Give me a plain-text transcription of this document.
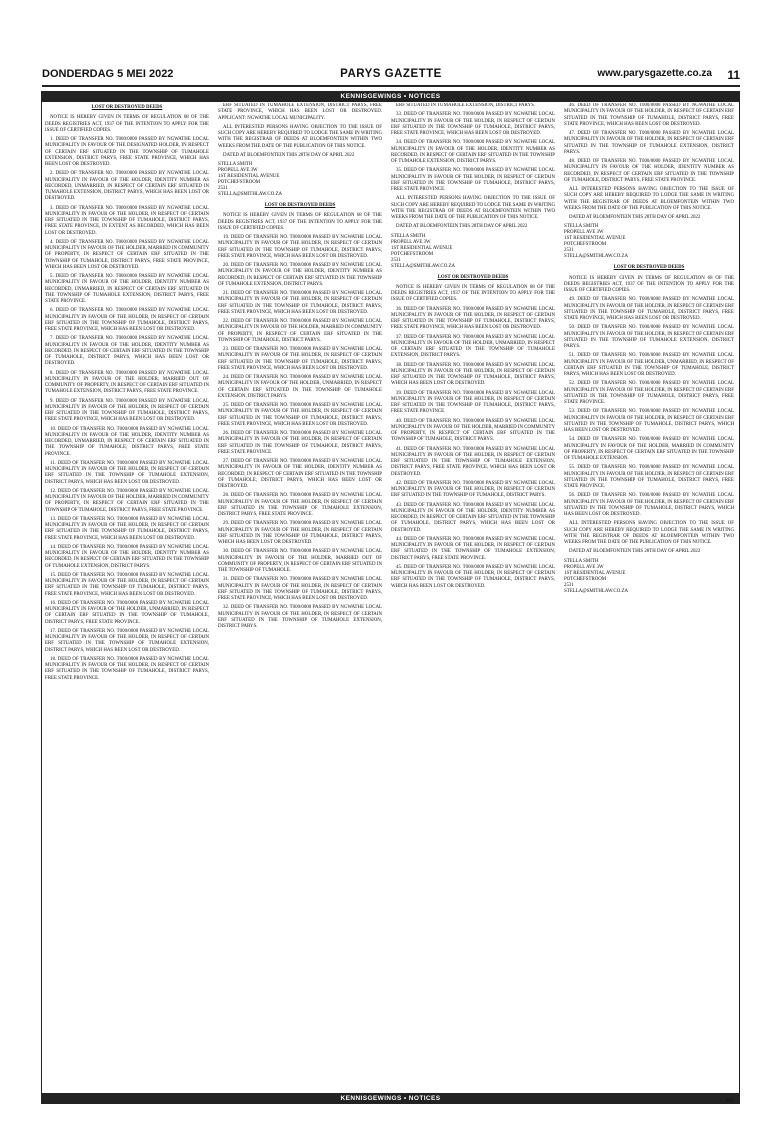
DONDERDAG 5 MEI 2022	PARYS GAZETTE	www.parysgazette.co.za 11
KENNISGEWINGS • NOTICES

LOST OR DESTROYED DEEDS

NOTICE IS HEREBY GIVEN IN TERMS OF REGULATION 68 OF THE DEEDS REGISTRIES ACT, 1937 OF THE INTENTION TO APPLY FOR THE ISSUE OF CERTIFIED COPIES.

1. DEED OF TRANSFER NO. T000/0000 PASSED BY NGWATHE LOCAL MUNICIPALITY IN FAVOUR OF THE DESIGNATED HOLDER, IN RESPECT OF CERTAIN ERF SITUATED IN THE TOWNSHIP OF TUMAHOLE EXTENSION, DISTRICT PARYS, FREE STATE PROVINCE, WHICH HAS BEEN LOST OR DESTROYED.

2. DEED OF TRANSFER NO. T000/0000 PASSED BY NGWATHE LOCAL MUNICIPALITY IN FAVOUR OF THE HOLDER, IDENTITY NUMBER AS RECORDED, UNMARRIED, IN RESPECT OF CERTAIN ERF SITUATED IN TUMAHOLE EXTENSION, DISTRICT PARYS, WHICH HAS BEEN LOST OR DESTROYED.

3. DEED OF TRANSFER NO. T000/0000 PASSED BY NGWATHE LOCAL MUNICIPALITY IN FAVOUR OF THE HOLDER, IN RESPECT OF CERTAIN ERF SITUATED IN THE TOWNSHIP OF TUMAHOLE, DISTRICT PARYS, FREE STATE PROVINCE, IN EXTENT AS RECORDED, WHICH HAS BEEN LOST OR DESTROYED.

4. DEED OF TRANSFER NO. T000/0000 PASSED BY NGWATHE LOCAL MUNICIPALITY IN FAVOUR OF THE HOLDER, MARRIED IN COMMUNITY OF PROPERTY, IN RESPECT OF CERTAIN ERF SITUATED IN THE TOWNSHIP OF TUMAHOLE, DISTRICT PARYS, FREE STATE PROVINCE, WHICH HAS BEEN LOST OR DESTROYED.

5. DEED OF TRANSFER NO. T000/0000 PASSED BY NGWATHE LOCAL MUNICIPALITY IN FAVOUR OF THE HOLDER, IDENTITY NUMBER AS RECORDED, UNMARRIED, IN RESPECT OF CERTAIN ERF SITUATED IN THE TOWNSHIP OF TUMAHOLE EXTENSION, DISTRICT PARYS, FREE STATE PROVINCE.

6. DEED OF TRANSFER NO. T000/0000 PASSED BY NGWATHE LOCAL MUNICIPALITY IN FAVOUR OF THE HOLDER, IN RESPECT OF CERTAIN ERF SITUATED IN THE TOWNSHIP OF TUMAHOLE, DISTRICT PARYS, FREE STATE PROVINCE, WHICH HAS BEEN LOST OR DESTROYED.

7. DEED OF TRANSFER NO. T000/0000 PASSED BY NGWATHE LOCAL MUNICIPALITY IN FAVOUR OF THE HOLDER, IDENTITY NUMBER AS RECORDED, IN RESPECT OF CERTAIN ERF SITUATED IN THE TOWNSHIP OF TUMAHOLE, DISTRICT PARYS, WHICH HAS BEEN LOST OR DESTROYED.

8. DEED OF TRANSFER NO. T000/0000 PASSED BY NGWATHE LOCAL MUNICIPALITY IN FAVOUR OF THE HOLDER, MARRIED OUT OF COMMUNITY OF PROPERTY, IN RESPECT OF CERTAIN ERF SITUATED IN TUMAHOLE EXTENSION, DISTRICT PARYS, FREE STATE PROVINCE.

9. DEED OF TRANSFER NO. T000/0000 PASSED BY NGWATHE LOCAL MUNICIPALITY IN FAVOUR OF THE HOLDER, IN RESPECT OF CERTAIN ERF SITUATED IN THE TOWNSHIP OF TUMAHOLE, DISTRICT PARYS, FREE STATE PROVINCE, WHICH HAS BEEN LOST OR DESTROYED.

10. DEED OF TRANSFER NO. T000/0000 PASSED BY NGWATHE LOCAL MUNICIPALITY IN FAVOUR OF THE HOLDER, IDENTITY NUMBER AS RECORDED, UNMARRIED, IN RESPECT OF CERTAIN ERF SITUATED IN THE TOWNSHIP OF TUMAHOLE, DISTRICT PARYS, FREE STATE PROVINCE.

11. DEED OF TRANSFER NO. T000/0000 PASSED BY NGWATHE LOCAL MUNICIPALITY IN FAVOUR OF THE HOLDER, IN RESPECT OF CERTAIN ERF SITUATED IN THE TOWNSHIP OF TUMAHOLE EXTENSION, DISTRICT PARYS, WHICH HAS BEEN LOST OR DESTROYED.

12. DEED OF TRANSFER NO. T000/0000 PASSED BY NGWATHE LOCAL MUNICIPALITY IN FAVOUR OF THE HOLDER, MARRIED IN COMMUNITY OF PROPERTY, IN RESPECT OF CERTAIN ERF SITUATED IN THE TOWNSHIP OF TUMAHOLE, DISTRICT PARYS, FREE STATE PROVINCE.

13. DEED OF TRANSFER NO. T000/0000 PASSED BY NGWATHE LOCAL MUNICIPALITY IN FAVOUR OF THE HOLDER, IN RESPECT OF CERTAIN ERF SITUATED IN THE TOWNSHIP OF TUMAHOLE, DISTRICT PARYS, FREE STATE PROVINCE, WHICH HAS BEEN LOST OR DESTROYED.

14. DEED OF TRANSFER NO. T000/0000 PASSED BY NGWATHE LOCAL MUNICIPALITY IN FAVOUR OF THE HOLDER, IDENTITY NUMBER AS RECORDED, IN RESPECT OF CERTAIN ERF SITUATED IN THE TOWNSHIP OF TUMAHOLE EXTENSION, DISTRICT PARYS.

15. DEED OF TRANSFER NO. T000/0000 PASSED BY NGWATHE LOCAL MUNICIPALITY IN FAVOUR OF THE HOLDER, IN RESPECT OF CERTAIN ERF SITUATED IN THE TOWNSHIP OF TUMAHOLE, DISTRICT PARYS, FREE STATE PROVINCE, WHICH HAS BEEN LOST OR DESTROYED.

16. DEED OF TRANSFER NO. T000/0000 PASSED BY NGWATHE LOCAL MUNICIPALITY IN FAVOUR OF THE HOLDER, UNMARRIED, IN RESPECT OF CERTAIN ERF SITUATED IN THE TOWNSHIP OF TUMAHOLE, DISTRICT PARYS, FREE STATE PROVINCE.

17. DEED OF TRANSFER NO. T000/0000 PASSED BY NGWATHE LOCAL MUNICIPALITY IN FAVOUR OF THE HOLDER, IN RESPECT OF CERTAIN ERF SITUATED IN THE TOWNSHIP OF TUMAHOLE EXTENSION, DISTRICT PARYS, WHICH HAS BEEN LOST OR DESTROYED.

18. DEED OF TRANSFER NO. T000/0000 PASSED BY NGWATHE LOCAL MUNICIPALITY IN FAVOUR OF THE HOLDER, IN RESPECT OF CERTAIN ERF SITUATED IN THE TOWNSHIP OF TUMAHOLE, DISTRICT PARYS, FREE STATE PROVINCE.

ERF SITUATED IN TUMAHOLE EXTENSION, DISTRICT PARYS, FREE STATE PROVINCE, WHICH HAS BEEN LOST OR DESTROYED. APPLICANT: NGWATHE LOCAL MUNICIPALITY.

ALL INTERESTED PERSONS HAVING OBJECTION TO THE ISSUE OF SUCH COPY ARE HEREBY REQUIRED TO LODGE THE SAME IN WRITING WITH THE REGISTRAR OF DEEDS AT BLOEMFONTEIN WITHIN TWO WEEKS FROM THE DATE OF THE PUBLICATION OF THIS NOTICE.

DATED AT BLOEMFONTEIN THIS 28TH DAY OF APRIL 2022

STELLA SMITH
PROPELL AVE 3W
1ST RESIDENTIAL AVENUE
POTCHEFSTROOM
2531
STELLA@SMITHLAW.CO.ZA

LOST OR DESTROYED DEEDS

NOTICE IS HEREBY GIVEN IN TERMS OF REGULATION 68 OF THE DEEDS REGISTRIES ACT, 1937 OF THE INTENTION TO APPLY FOR THE ISSUE OF CERTIFIED COPIES.

19. DEED OF TRANSFER NO. T000/0000 PASSED BY NGWATHE LOCAL MUNICIPALITY IN FAVOUR OF THE HOLDER, IN RESPECT OF CERTAIN ERF SITUATED IN THE TOWNSHIP OF TUMAHOLE, DISTRICT PARYS, FREE STATE PROVINCE, WHICH HAS BEEN LOST OR DESTROYED.

20. DEED OF TRANSFER NO. T000/0000 PASSED BY NGWATHE LOCAL MUNICIPALITY IN FAVOUR OF THE HOLDER, IDENTITY NUMBER AS RECORDED, IN RESPECT OF CERTAIN ERF SITUATED IN THE TOWNSHIP OF TUMAHOLE EXTENSION, DISTRICT PARYS.

21. DEED OF TRANSFER NO. T000/0000 PASSED BY NGWATHE LOCAL MUNICIPALITY IN FAVOUR OF THE HOLDER, IN RESPECT OF CERTAIN ERF SITUATED IN THE TOWNSHIP OF TUMAHOLE, DISTRICT PARYS, FREE STATE PROVINCE, WHICH HAS BEEN LOST OR DESTROYED.

22. DEED OF TRANSFER NO. T000/0000 PASSED BY NGWATHE LOCAL MUNICIPALITY IN FAVOUR OF THE HOLDER, MARRIED IN COMMUNITY OF PROPERTY, IN RESPECT OF CERTAIN ERF SITUATED IN THE TOWNSHIP OF TUMAHOLE, DISTRICT PARYS.

23. DEED OF TRANSFER NO. T000/0000 PASSED BY NGWATHE LOCAL MUNICIPALITY IN FAVOUR OF THE HOLDER, IN RESPECT OF CERTAIN ERF SITUATED IN THE TOWNSHIP OF TUMAHOLE, DISTRICT PARYS, FREE STATE PROVINCE, WHICH HAS BEEN LOST OR DESTROYED.

24. DEED OF TRANSFER NO. T000/0000 PASSED BY NGWATHE LOCAL MUNICIPALITY IN FAVOUR OF THE HOLDER, UNMARRIED, IN RESPECT OF CERTAIN ERF SITUATED IN THE TOWNSHIP OF TUMAHOLE EXTENSION, DISTRICT PARYS.

25. DEED OF TRANSFER NO. T000/0000 PASSED BY NGWATHE LOCAL MUNICIPALITY IN FAVOUR OF THE HOLDER, IN RESPECT OF CERTAIN ERF SITUATED IN THE TOWNSHIP OF TUMAHOLE, DISTRICT PARYS, FREE STATE PROVINCE, WHICH HAS BEEN LOST OR DESTROYED.

26. DEED OF TRANSFER NO. T000/0000 PASSED BY NGWATHE LOCAL MUNICIPALITY IN FAVOUR OF THE HOLDER, IN RESPECT OF CERTAIN ERF SITUATED IN THE TOWNSHIP OF TUMAHOLE, DISTRICT PARYS, FREE STATE PROVINCE.

27. DEED OF TRANSFER NO. T000/0000 PASSED BY NGWATHE LOCAL MUNICIPALITY IN FAVOUR OF THE HOLDER, IDENTITY NUMBER AS RECORDED, IN RESPECT OF CERTAIN ERF SITUATED IN THE TOWNSHIP OF TUMAHOLE, DISTRICT PARYS, WHICH HAS BEEN LOST OR DESTROYED.

28. DEED OF TRANSFER NO. T000/0000 PASSED BY NGWATHE LOCAL MUNICIPALITY IN FAVOUR OF THE HOLDER, IN RESPECT OF CERTAIN ERF SITUATED IN THE TOWNSHIP OF TUMAHOLE EXTENSION, DISTRICT PARYS, FREE STATE PROVINCE.

29. DEED OF TRANSFER NO. T000/0000 PASSED BY NGWATHE LOCAL MUNICIPALITY IN FAVOUR OF THE HOLDER, IN RESPECT OF CERTAIN ERF SITUATED IN THE TOWNSHIP OF TUMAHOLE, DISTRICT PARYS, WHICH HAS BEEN LOST OR DESTROYED.

30. DEED OF TRANSFER NO. T000/0000 PASSED BY NGWATHE LOCAL MUNICIPALITY IN FAVOUR OF THE HOLDER, MARRIED OUT OF COMMUNITY OF PROPERTY, IN RESPECT OF CERTAIN ERF SITUATED IN THE TOWNSHIP OF TUMAHOLE.

31. DEED OF TRANSFER NO. T000/0000 PASSED BY NGWATHE LOCAL MUNICIPALITY IN FAVOUR OF THE HOLDER, IN RESPECT OF CERTAIN ERF SITUATED IN THE TOWNSHIP OF TUMAHOLE, DISTRICT PARYS, FREE STATE PROVINCE, WHICH HAS BEEN LOST OR DESTROYED.

32. DEED OF TRANSFER NO. T000/0000 PASSED BY NGWATHE LOCAL MUNICIPALITY IN FAVOUR OF THE HOLDER, IN RESPECT OF CERTAIN ERF SITUATED IN THE TOWNSHIP OF TUMAHOLE EXTENSION, DISTRICT PARYS.

ERF SITUATED IN TUMAHOLE EXTENSION, DISTRICT PARYS.

33. DEED OF TRANSFER NO. T000/0000 PASSED BY NGWATHE LOCAL MUNICIPALITY IN FAVOUR OF THE HOLDER, IN RESPECT OF CERTAIN ERF SITUATED IN THE TOWNSHIP OF TUMAHOLE, DISTRICT PARYS, FREE STATE PROVINCE, WHICH HAS BEEN LOST OR DESTROYED.

34. DEED OF TRANSFER NO. T000/0000 PASSED BY NGWATHE LOCAL MUNICIPALITY IN FAVOUR OF THE HOLDER, IDENTITY NUMBER AS RECORDED, IN RESPECT OF CERTAIN ERF SITUATED IN THE TOWNSHIP OF TUMAHOLE EXTENSION, DISTRICT PARYS.

35. DEED OF TRANSFER NO. T000/0000 PASSED BY NGWATHE LOCAL MUNICIPALITY IN FAVOUR OF THE HOLDER, IN RESPECT OF CERTAIN ERF SITUATED IN THE TOWNSHIP OF TUMAHOLE, DISTRICT PARYS, FREE STATE PROVINCE.

ALL INTERESTED PERSONS HAVING OBJECTION TO THE ISSUE OF SUCH COPY ARE HEREBY REQUIRED TO LODGE THE SAME IN WRITING WITH THE REGISTRAR OF DEEDS AT BLOEMFONTEIN WITHIN TWO WEEKS FROM THE DATE OF THE PUBLICATION OF THIS NOTICE.

DATED AT BLOEMFONTEIN THIS 28TH DAY OF APRIL 2022

STELLA SMITH
PROPELL AVE 3W
1ST RESIDENTIAL AVENUE
POTCHEFSTROOM
2531
STELLA@SMITHLAW.CO.ZA

LOST OR DESTROYED DEEDS

NOTICE IS HEREBY GIVEN IN TERMS OF REGULATION 68 OF THE DEEDS REGISTRIES ACT, 1937 OF THE INTENTION TO APPLY FOR THE ISSUE OF CERTIFIED COPIES.

36. DEED OF TRANSFER NO. T000/0000 PASSED BY NGWATHE LOCAL MUNICIPALITY IN FAVOUR OF THE HOLDER, IN RESPECT OF CERTAIN ERF SITUATED IN THE TOWNSHIP OF TUMAHOLE, DISTRICT PARYS, FREE STATE PROVINCE, WHICH HAS BEEN LOST OR DESTROYED.

37. DEED OF TRANSFER NO. T000/0000 PASSED BY NGWATHE LOCAL MUNICIPALITY IN FAVOUR OF THE HOLDER, UNMARRIED, IN RESPECT OF CERTAIN ERF SITUATED IN THE TOWNSHIP OF TUMAHOLE EXTENSION, DISTRICT PARYS.

38. DEED OF TRANSFER NO. T000/0000 PASSED BY NGWATHE LOCAL MUNICIPALITY IN FAVOUR OF THE HOLDER, IN RESPECT OF CERTAIN ERF SITUATED IN THE TOWNSHIP OF TUMAHOLE, DISTRICT PARYS, WHICH HAS BEEN LOST OR DESTROYED.

39. DEED OF TRANSFER NO. T000/0000 PASSED BY NGWATHE LOCAL MUNICIPALITY IN FAVOUR OF THE HOLDER, IN RESPECT OF CERTAIN ERF SITUATED IN THE TOWNSHIP OF TUMAHOLE, DISTRICT PARYS, FREE STATE PROVINCE.

40. DEED OF TRANSFER NO. T000/0000 PASSED BY NGWATHE LOCAL MUNICIPALITY IN FAVOUR OF THE HOLDER, MARRIED IN COMMUNITY OF PROPERTY, IN RESPECT OF CERTAIN ERF SITUATED IN THE TOWNSHIP OF TUMAHOLE, DISTRICT PARYS.

41. DEED OF TRANSFER NO. T000/0000 PASSED BY NGWATHE LOCAL MUNICIPALITY IN FAVOUR OF THE HOLDER, IN RESPECT OF CERTAIN ERF SITUATED IN THE TOWNSHIP OF TUMAHOLE EXTENSION, DISTRICT PARYS, FREE STATE PROVINCE, WHICH HAS BEEN LOST OR DESTROYED.

42. DEED OF TRANSFER NO. T000/0000 PASSED BY NGWATHE LOCAL MUNICIPALITY IN FAVOUR OF THE HOLDER, IN RESPECT OF CERTAIN ERF SITUATED IN THE TOWNSHIP OF TUMAHOLE, DISTRICT PARYS.

43. DEED OF TRANSFER NO. T000/0000 PASSED BY NGWATHE LOCAL MUNICIPALITY IN FAVOUR OF THE HOLDER, IDENTITY NUMBER AS RECORDED, IN RESPECT OF CERTAIN ERF SITUATED IN THE TOWNSHIP OF TUMAHOLE, DISTRICT PARYS, WHICH HAS BEEN LOST OR DESTROYED.

44. DEED OF TRANSFER NO. T000/0000 PASSED BY NGWATHE LOCAL MUNICIPALITY IN FAVOUR OF THE HOLDER, IN RESPECT OF CERTAIN ERF SITUATED IN THE TOWNSHIP OF TUMAHOLE EXTENSION, DISTRICT PARYS, FREE STATE PROVINCE.

45. DEED OF TRANSFER NO. T000/0000 PASSED BY NGWATHE LOCAL MUNICIPALITY IN FAVOUR OF THE HOLDER, IN RESPECT OF CERTAIN ERF SITUATED IN THE TOWNSHIP OF TUMAHOLE, DISTRICT PARYS, WHICH HAS BEEN LOST OR DESTROYED.

46. DEED OF TRANSFER NO. T000/0000 PASSED BY NGWATHE LOCAL MUNICIPALITY IN FAVOUR OF THE HOLDER, IN RESPECT OF CERTAIN ERF SITUATED IN THE TOWNSHIP OF TUMAHOLE, DISTRICT PARYS, FREE STATE PROVINCE, WHICH HAS BEEN LOST OR DESTROYED.

47. DEED OF TRANSFER NO. T000/0000 PASSED BY NGWATHE LOCAL MUNICIPALITY IN FAVOUR OF THE HOLDER, IN RESPECT OF CERTAIN ERF SITUATED IN THE TOWNSHIP OF TUMAHOLE EXTENSION, DISTRICT PARYS.

48. DEED OF TRANSFER NO. T000/0000 PASSED BY NGWATHE LOCAL MUNICIPALITY IN FAVOUR OF THE HOLDER, IDENTITY NUMBER AS RECORDED, IN RESPECT OF CERTAIN ERF SITUATED IN THE TOWNSHIP OF TUMAHOLE, DISTRICT PARYS, FREE STATE PROVINCE.

ALL INTERESTED PERSONS HAVING OBJECTION TO THE ISSUE OF SUCH COPY ARE HEREBY REQUIRED TO LODGE THE SAME IN WRITING WITH THE REGISTRAR OF DEEDS AT BLOEMFONTEIN WITHIN TWO WEEKS FROM THE DATE OF THE PUBLICATION OF THIS NOTICE.

DATED AT BLOEMFONTEIN THIS 28TH DAY OF APRIL 2022

STELLA SMITH
PROPELL AVE 3W
1ST RESIDENTIAL AVENUE
POTCHEFSTROOM
2531
STELLA@SMITHLAW.CO.ZA

LOST OR DESTROYED DEEDS

NOTICE IS HEREBY GIVEN IN TERMS OF REGULATION 68 OF THE DEEDS REGISTRIES ACT, 1937 OF THE INTENTION TO APPLY FOR THE ISSUE OF CERTIFIED COPIES.

49. DEED OF TRANSFER NO. T000/0000 PASSED BY NGWATHE LOCAL MUNICIPALITY IN FAVOUR OF THE HOLDER, IN RESPECT OF CERTAIN ERF SITUATED IN THE TOWNSHIP OF TUMAHOLE, DISTRICT PARYS, FREE STATE PROVINCE, WHICH HAS BEEN LOST OR DESTROYED.

50. DEED OF TRANSFER NO. T000/0000 PASSED BY NGWATHE LOCAL MUNICIPALITY IN FAVOUR OF THE HOLDER, IN RESPECT OF CERTAIN ERF SITUATED IN THE TOWNSHIP OF TUMAHOLE EXTENSION, DISTRICT PARYS.

51. DEED OF TRANSFER NO. T000/0000 PASSED BY NGWATHE LOCAL MUNICIPALITY IN FAVOUR OF THE HOLDER, UNMARRIED, IN RESPECT OF CERTAIN ERF SITUATED IN THE TOWNSHIP OF TUMAHOLE, DISTRICT PARYS, WHICH HAS BEEN LOST OR DESTROYED.

52. DEED OF TRANSFER NO. T000/0000 PASSED BY NGWATHE LOCAL MUNICIPALITY IN FAVOUR OF THE HOLDER, IN RESPECT OF CERTAIN ERF SITUATED IN THE TOWNSHIP OF TUMAHOLE, DISTRICT PARYS, FREE STATE PROVINCE.

53. DEED OF TRANSFER NO. T000/0000 PASSED BY NGWATHE LOCAL MUNICIPALITY IN FAVOUR OF THE HOLDER, IN RESPECT OF CERTAIN ERF SITUATED IN THE TOWNSHIP OF TUMAHOLE, DISTRICT PARYS, WHICH HAS BEEN LOST OR DESTROYED.

54. DEED OF TRANSFER NO. T000/0000 PASSED BY NGWATHE LOCAL MUNICIPALITY IN FAVOUR OF THE HOLDER, MARRIED IN COMMUNITY OF PROPERTY, IN RESPECT OF CERTAIN ERF SITUATED IN THE TOWNSHIP OF TUMAHOLE EXTENSION.

55. DEED OF TRANSFER NO. T000/0000 PASSED BY NGWATHE LOCAL MUNICIPALITY IN FAVOUR OF THE HOLDER, IN RESPECT OF CERTAIN ERF SITUATED IN THE TOWNSHIP OF TUMAHOLE, DISTRICT PARYS, FREE STATE PROVINCE.

56. DEED OF TRANSFER NO. T000/0000 PASSED BY NGWATHE LOCAL MUNICIPALITY IN FAVOUR OF THE HOLDER, IN RESPECT OF CERTAIN ERF SITUATED IN THE TOWNSHIP OF TUMAHOLE, DISTRICT PARYS, WHICH HAS BEEN LOST OR DESTROYED.

ALL INTERESTED PERSONS HAVING OBJECTION TO THE ISSUE OF SUCH COPY ARE HEREBY REQUIRED TO LODGE THE SAME IN WRITING WITH THE REGISTRAR OF DEEDS AT BLOEMFONTEIN WITHIN TWO WEEKS FROM THE DATE OF THE PUBLICATION OF THIS NOTICE.

DATED AT BLOEMFONTEIN THIS 28TH DAY OF APRIL 2022

STELLA SMITH
PROPELL AVE 3W
1ST RESIDENTIAL AVENUE
POTCHEFSTROOM
2531
STELLA@SMITHLAW.CO.ZA

KENNISGEWINGS • NOTICES	P11
